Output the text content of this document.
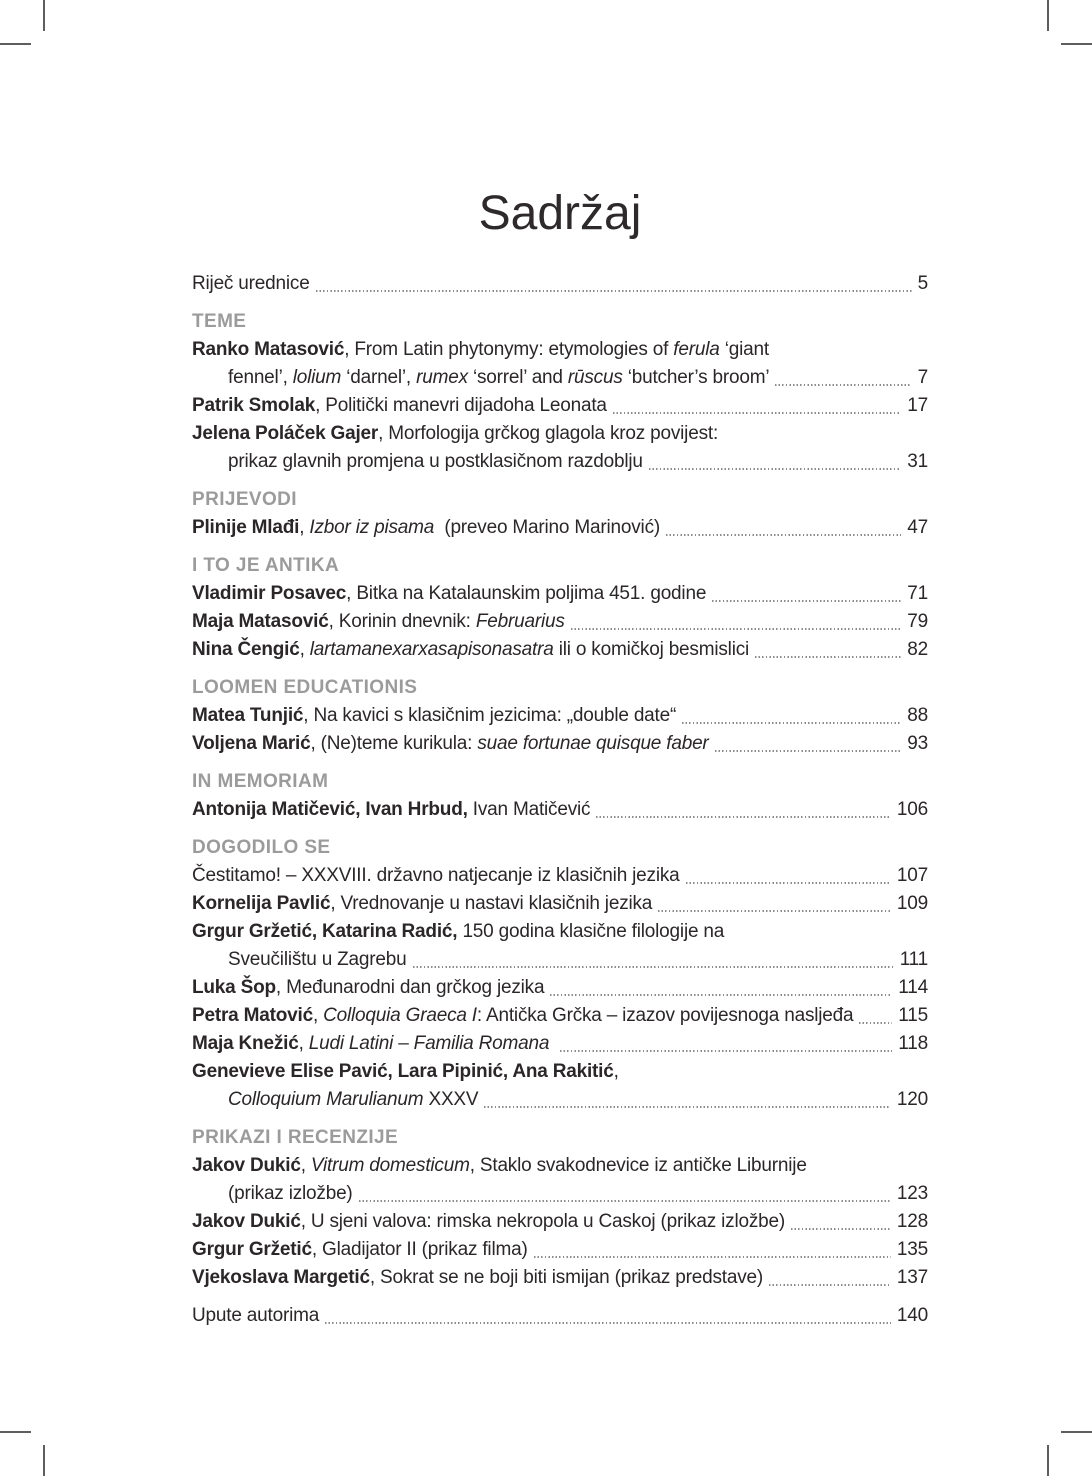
Sadržaj
Riječ urednice	5
TEME
Ranko Matasović, From Latin phytonymy: etymologies of ferula ‘giant
fennel’, lolium ‘darnel’, rumex ‘sorrel’ and rūscus ‘butcher’s broom’	7
Patrik Smolak, Politički manevri dijadoha Leonata	17
Jelena Poláček Gajer, Morfologija grčkog glagola kroz povijest:
prikaz glavnih promjena u postklasičnom razdoblju	31
PRIJEVODI
Plinije Mlađi, Izbor iz pisama  (preveo Marino Marinović)	47
I TO JE ANTIKA
Vladimir Posavec, Bitka na Katalaunskim poljima 451. godine	71
Maja Matasović, Korinin dnevnik: Februarius	79
Nina Čengić, lartamanexarxasapisonasatra ili o komičkoj besmislici	82
LOOMEN EDUCATIONIS
Matea Tunjić, Na kavici s klasičnim jezicima: „double date“	88
Voljena Marić, (Ne)teme kurikula: suae fortunae quisque faber	93
IN MEMORIAM
Antonija Matičević, Ivan Hrbud, Ivan Matičević	106
DOGODILO SE
Čestitamo! – XXXVIII. državno natjecanje iz klasičnih jezika	107
Kornelija Pavlić, Vrednovanje u nastavi klasičnih jezika	109
Grgur Gržetić, Katarina Radić, 150 godina klasične filologije na
Sveučilištu u Zagrebu	111
Luka Šop, Međunarodni dan grčkog jezika	114
Petra Matović, Colloquia Graeca I: Antička Grčka – izazov povijesnoga nasljeđa 115
Maja Knežić, Ludi Latini – Familia Romana	118
Genevieve Elise Pavić, Lara Pipinić, Ana Rakitić,
Colloquium Marulianum XXXV	120
PRIKAZI I RECENZIJE
Jakov Dukić, Vitrum domesticum, Staklo svakodnevice iz antičke Liburnije
(prikaz izložbe)	123
Jakov Dukić, U sjeni valova: rimska nekropola u Caskoj (prikaz izložbe)	128
Grgur Gržetić, Gladijator II (prikaz filma)	135
Vjekoslava Margetić, Sokrat se ne boji biti ismijan (prikaz predstave)	137
Upute autorima	140
